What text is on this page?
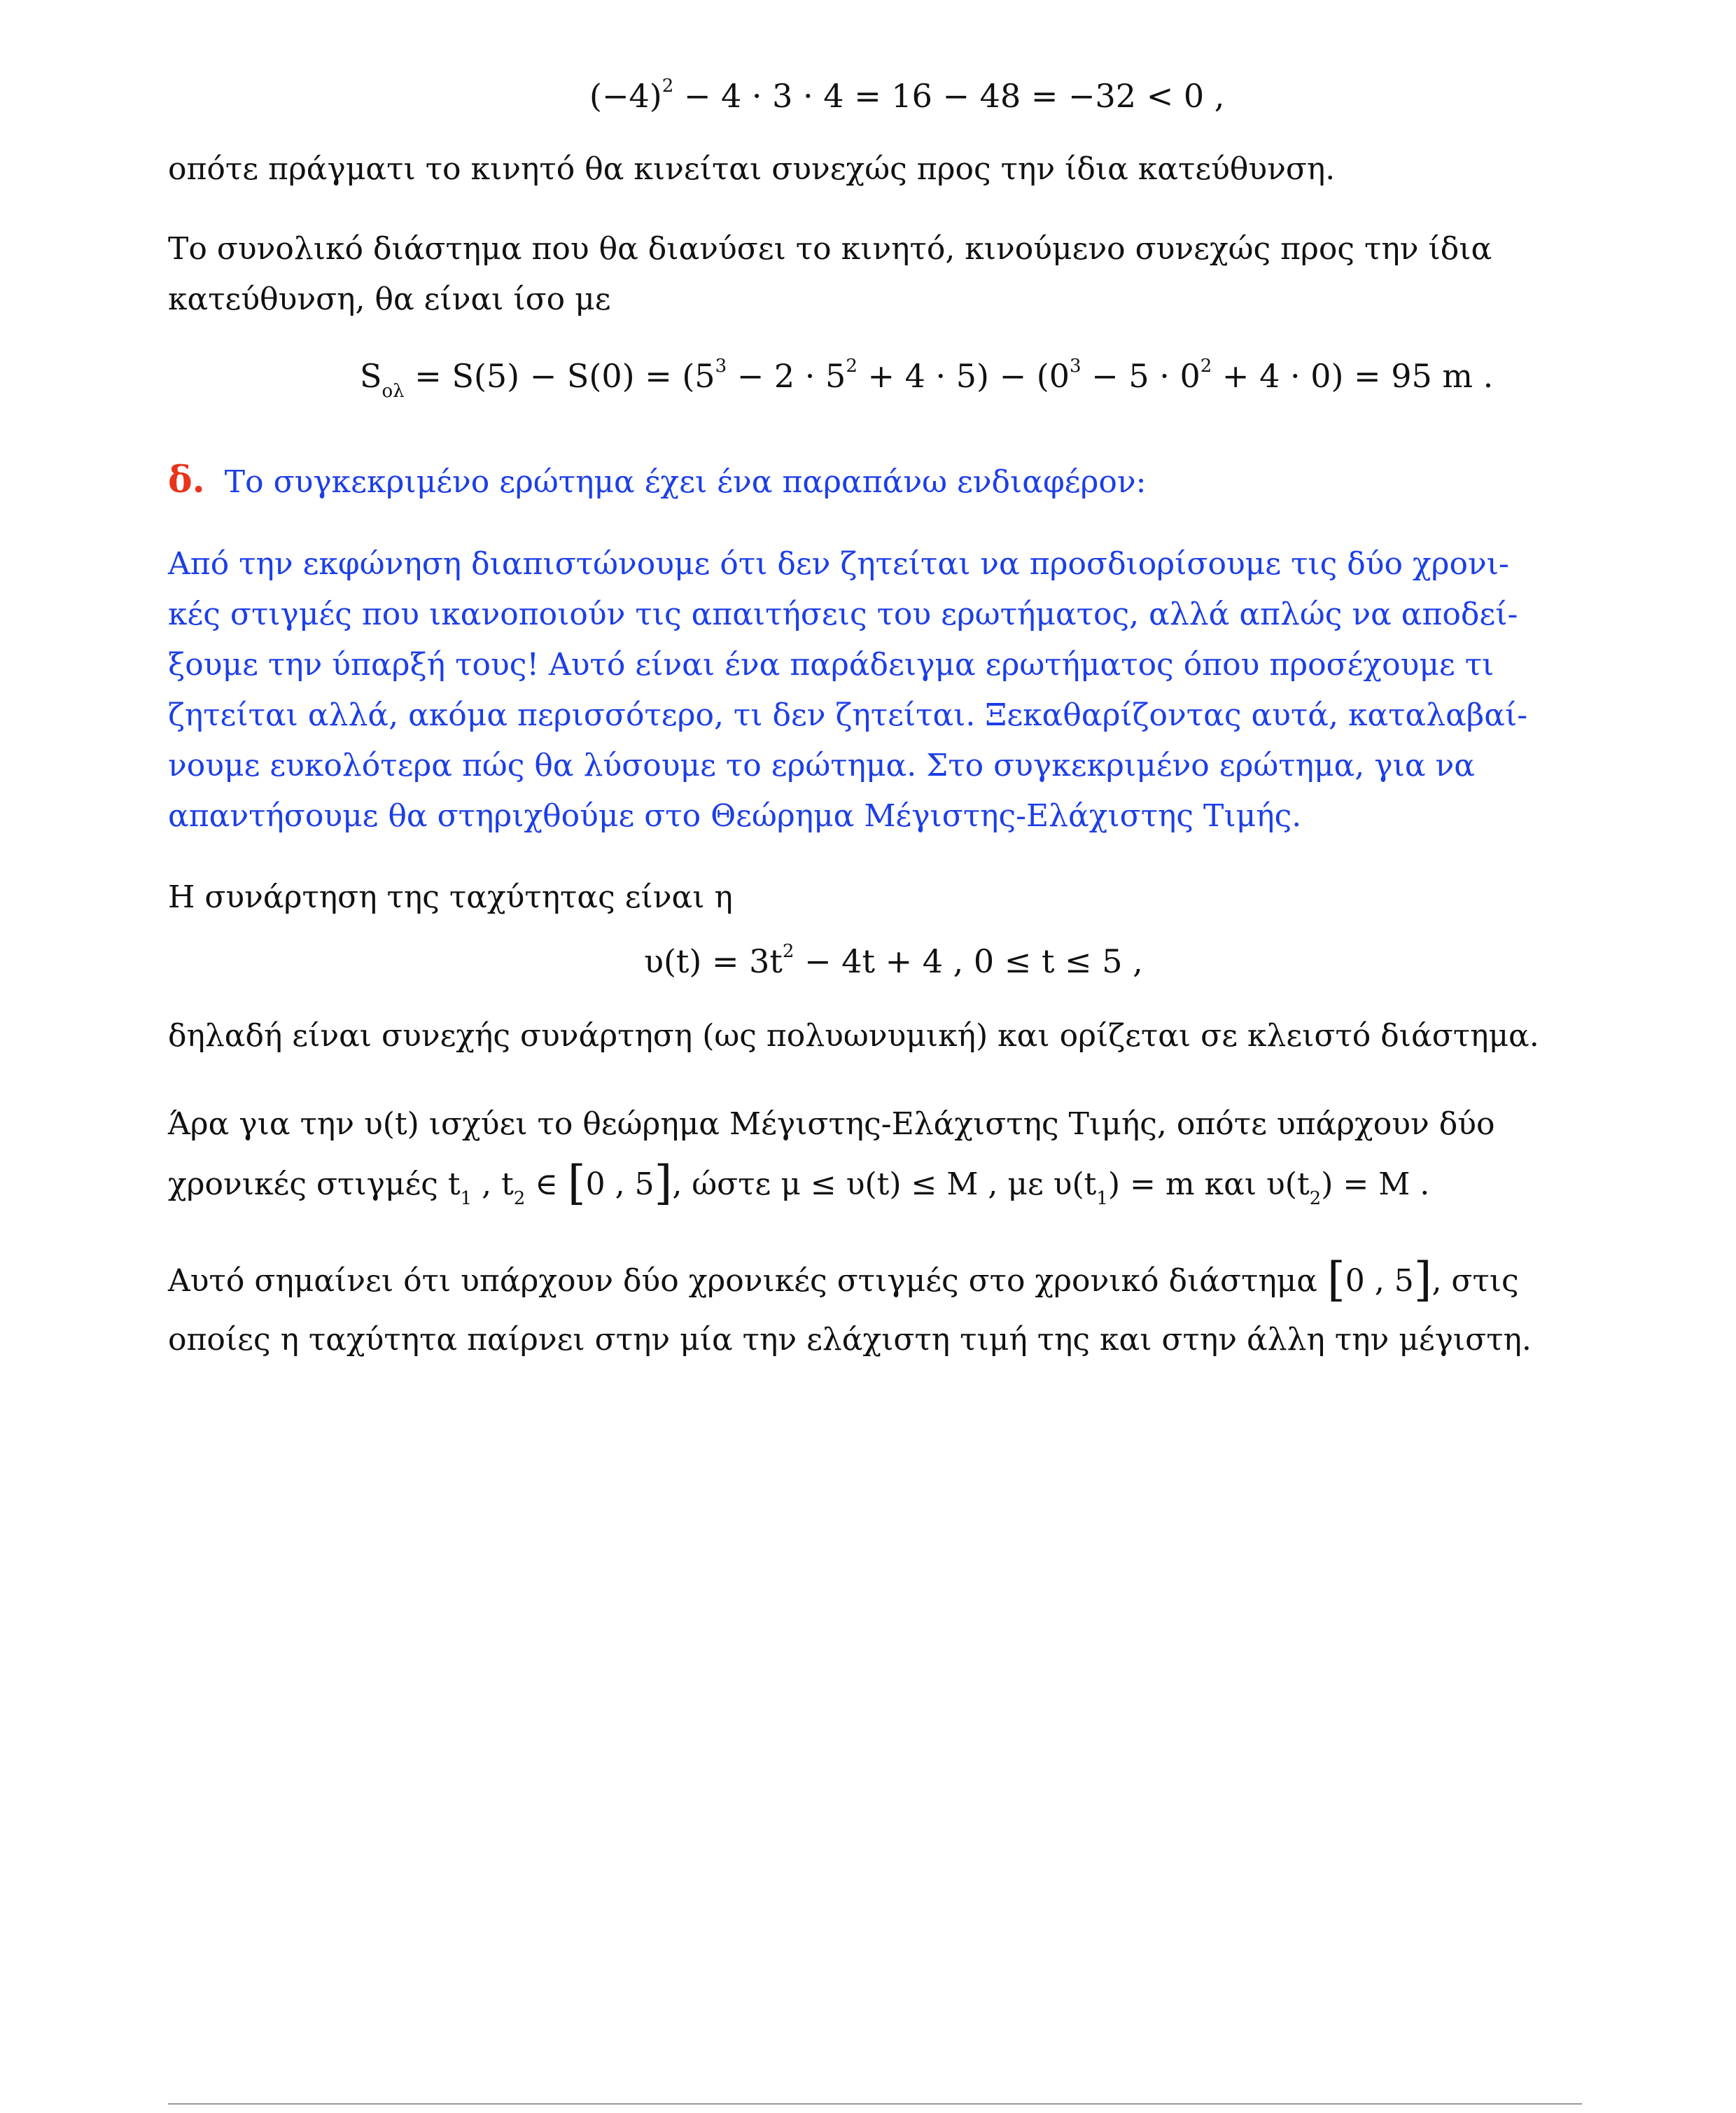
$(-4)^2 - 4 \cdot 3 \cdot 4 = 16 - 48 = -32 < 0$ ,
οπότε πράγματι το κινητό θα κινείται συνεχώς προς την ίδια κατεύθυνση.
Το συνολικό διάστημα που θα διανύσει το κινητό, κινούμενο συνεχώς προς την ίδια
κατεύθυνση, θα είναι ίσο με
$S_{o\lambda} = S(5) - S(0) = (5^3 - 2 \cdot 5^2 + 4 \cdot 5) - (0^3 - 5 \cdot 0^2 + 4 \cdot 0) = 95$ m .
δ. Το συγκεκριμένο ερώτημα έχει ένα παραπάνω ενδιαφέρον:
Από την εκφώνηση διαπιστώνουμε ότι δεν ζητείται να προσδιορίσουμε τις δύο χρονι-
κές στιγμές που ικανοποιούν τις απαιτήσεις του ερωτήματος, αλλά απλώς να αποδεί-
ξουμε την ύπαρξή τους! Αυτό είναι ένα παράδειγμα ερωτήματος όπου προσέχουμε τι
ζητείται αλλά, ακόμα περισσότερο, τι δεν ζητείται. Ξεκαθαρίζοντας αυτά, καταλαβαί-
νουμε ευκολότερα πώς θα λύσουμε το ερώτημα. Στο συγκεκριμένο ερώτημα, για να
απαντήσουμε θα στηριχθούμε στο Θεώρημα Μέγιστης-Ελάχιστης Τιμής.
Η συνάρτηση της ταχύτητας είναι η
$\upsilon(t) = 3t^2 - 4t + 4$ , 0 ≤ t ≤ 5 ,
δηλαδή είναι συνεχής συνάρτηση (ως πολυωνυμική) και ορίζεται σε κλειστό διάστημα.
Άρα για την υ(t) ισχύει το θεώρημα Μέγιστης-Ελάχιστης Τιμής, οπότε υπάρχουν δύο
χρονικές στιγμές $t_1$ , $t_2$ ∈ [0 , 5], ώστε μ ≤ υ(t) ≤ M , με $\upsilon(t_1) = m$ και $\upsilon(t_2) = M$ .
Αυτό σημαίνει ότι υπάρχουν δύο χρονικές στιγμές στο χρονικό διάστημα [0 , 5], στις
οποίες η ταχύτητα παίρνει στην μία την ελάχιστη τιμή της και στην άλλη την μέγιστη.
